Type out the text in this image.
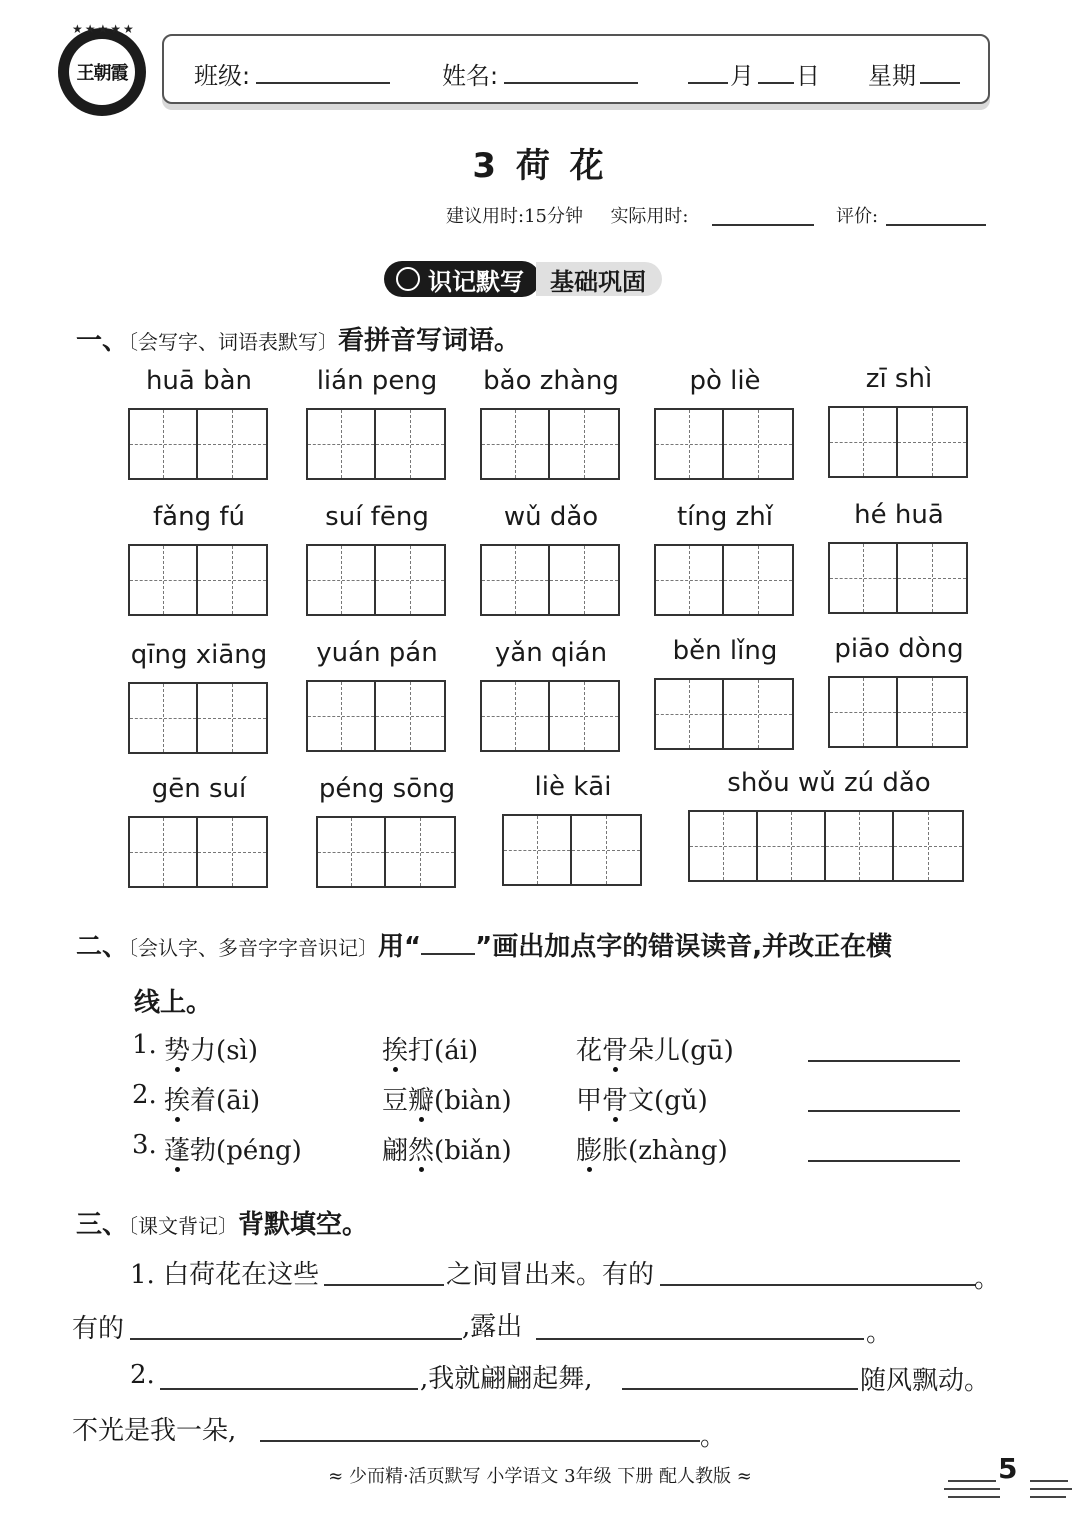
★★★★★
王朝霞	班级:	姓名:	月 日 星期
3 荷 花
建议用时:15分钟 实际用时:	评价:
识记默写 基础巩固
一、〔会写字、词语表默写〕看拼音写词语。
huā bàn	lián peng	bǎo zhàng	pò liè	zī shì
fǎng fú	suí fēng	wǔ dǎo	tíng zhǐ	hé huā
qīng xiāng	yuán pán	yǎn qián	běn lǐng	piāo dòng
gēn suí	péng sōng	liè kāi	shǒu wǔ zú dǎo
二、〔会认字、多音字字音识记〕用“ ”画出加点字的错误读音,并改正在横
线上。
1. 势力(sì)	挨打(ái)	花骨朵儿(gū)
2. 挨着(āi)	豆瓣(biàn) 甲骨文(gǔ)
3. 蓬勃(péng)	翩然(biǎn) 膨胀(zhàng)
三、〔课文背记〕背默填空。
1. 白荷花在这些	之间冒出来。有的	。
有的	,露出	。
2.	,我就翩翩起舞,	随风飘动。
不光是我一朵,	。
≈ 少而精·活页默写 小学语文 3年级 下册 配人教版 ≈	5
